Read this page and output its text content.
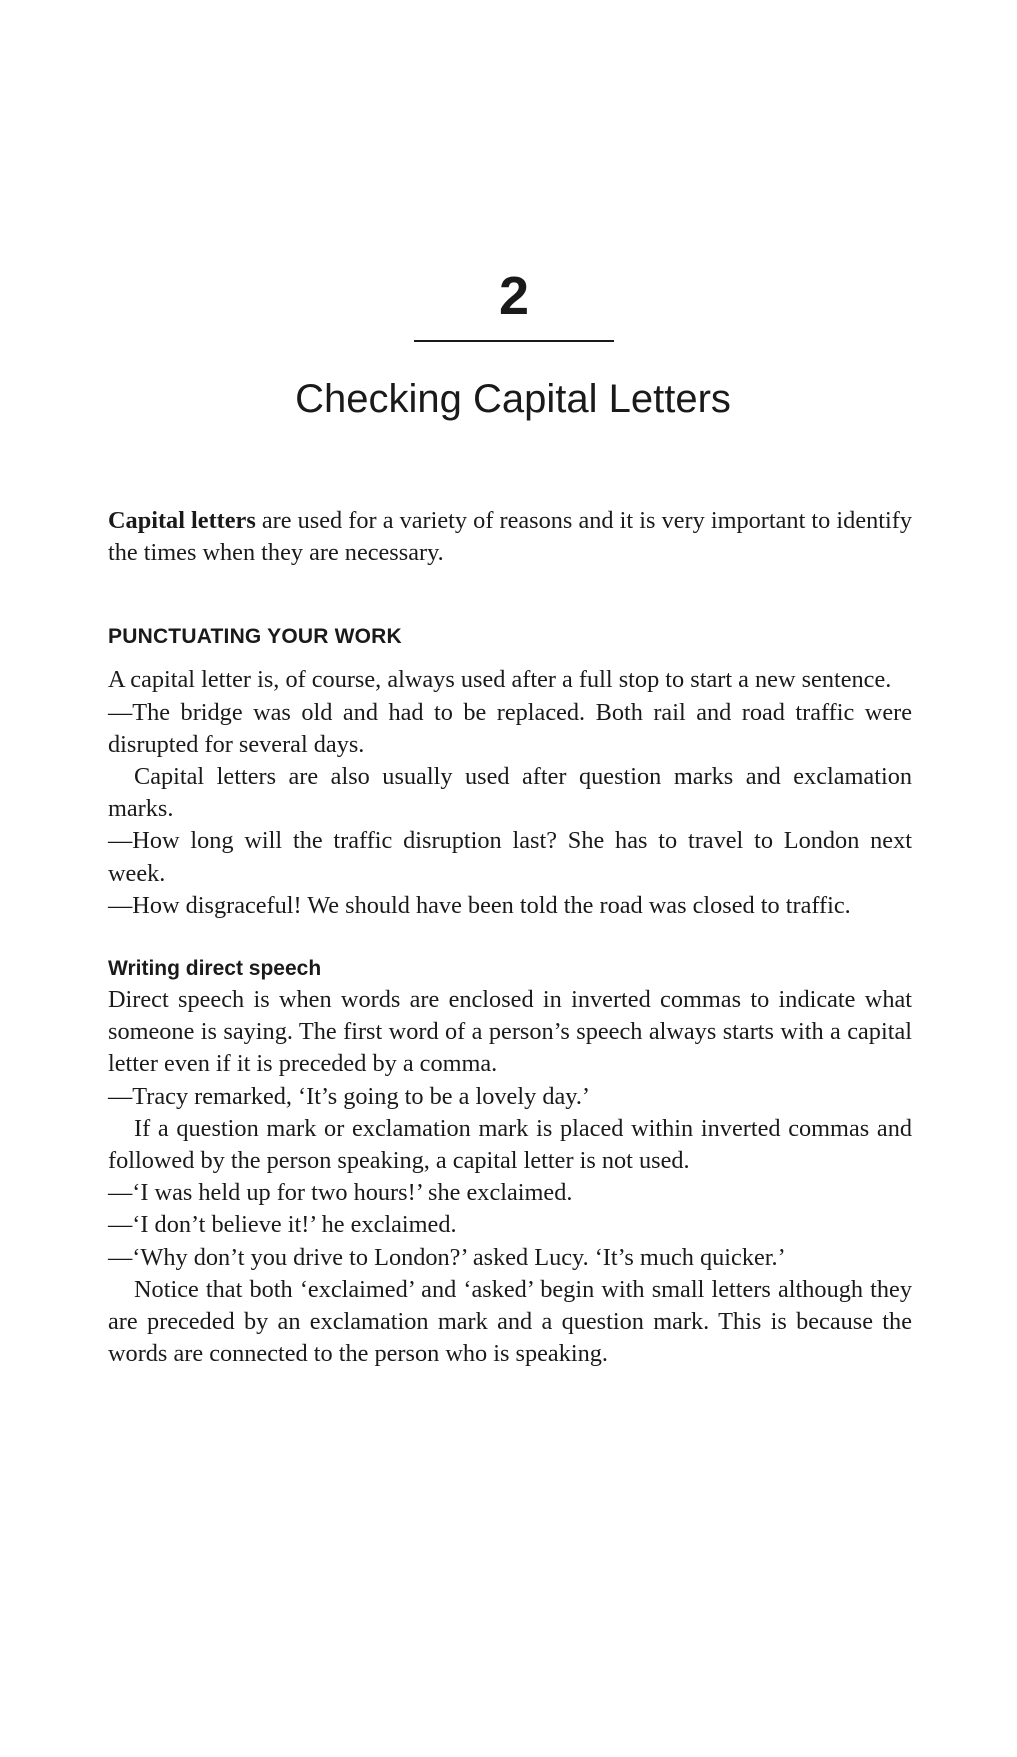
2
Checking Capital Letters

Capital letters are used for a variety of reasons and it is very important to identify the times when they are necessary.

PUNCTUATING YOUR WORK

A capital letter is, of course, always used after a full stop to start a new sentence.

—The bridge was old and had to be replaced. Both rail and road traffic were disrupted for several days.

Capital letters are also usually used after question marks and exclamation marks.

—How long will the traffic disruption last? She has to travel to London next week.

—How disgraceful! We should have been told the road was closed to traffic.

Writing direct speech

Direct speech is when words are enclosed in inverted commas to indicate what someone is saying. The first word of a person’s speech always starts with a capital letter even if it is preceded by a comma.

—Tracy remarked, ‘It’s going to be a lovely day.’

If a question mark or exclamation mark is placed within inverted commas and followed by the person speaking, a capital letter is not used.

—‘I was held up for two hours!’ she exclaimed.

—‘I don’t believe it!’ he exclaimed.

—‘Why don’t you drive to London?’ asked Lucy. ‘It’s much quicker.’

Notice that both ‘exclaimed’ and ‘asked’ begin with small letters although they are preceded by an exclamation mark and a question mark. This is because the words are connected to the person who is speaking.
